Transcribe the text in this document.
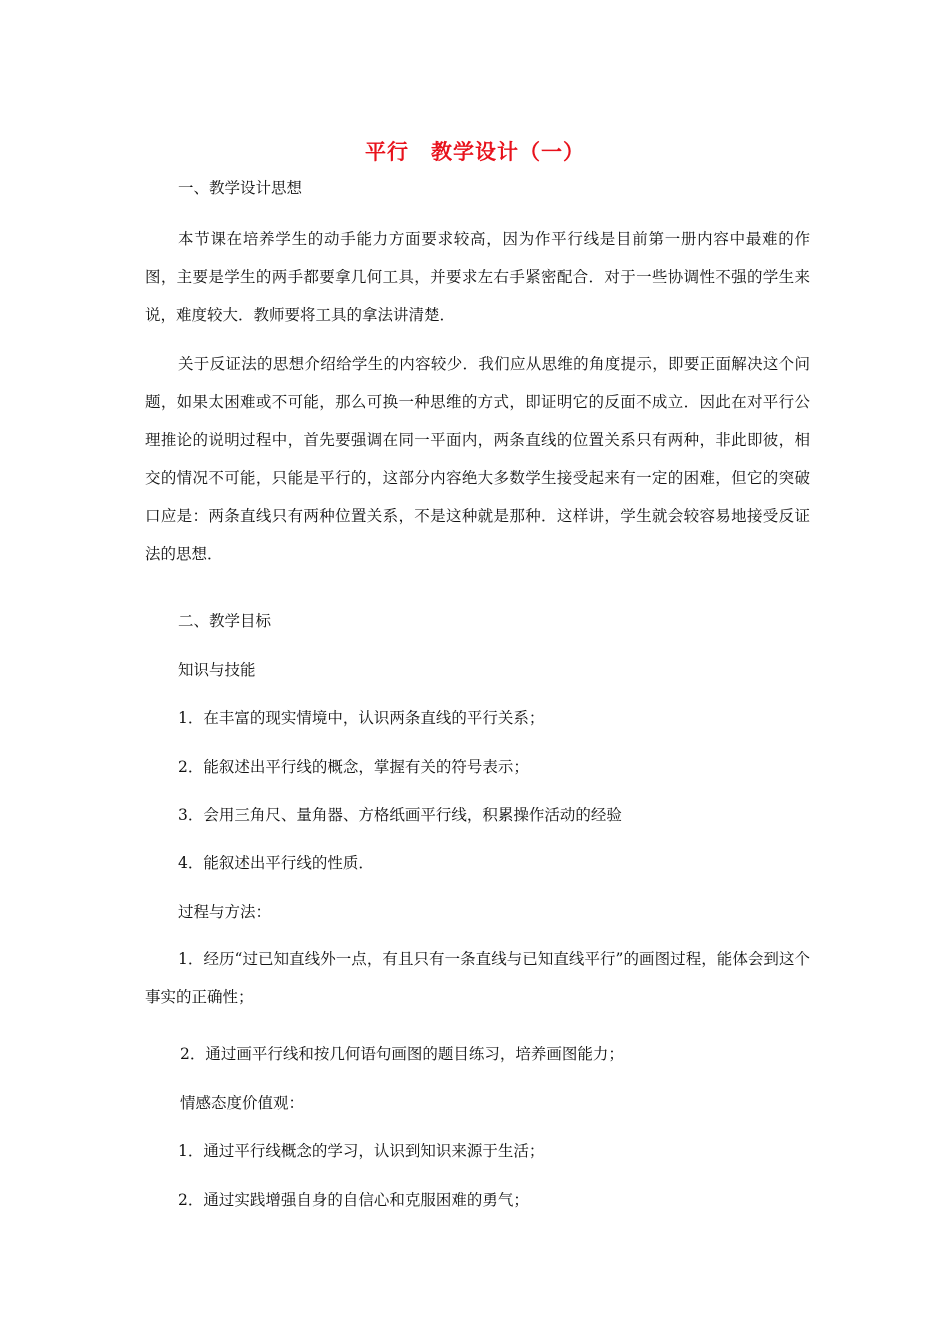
平行　教学设计（一）
一、教学设计思想
本节课在培养学生的动手能力方面要求较高，因为作平行线是目前第一册内容中最难的作图，主要是学生的两手都要拿几何工具，并要求左右手紧密配合．对于一些协调性不强的学生来说，难度较大．教师要将工具的拿法讲清楚．
关于反证法的思想介绍给学生的内容较少．我们应从思维的角度提示，即要正面解决这个问题，如果太困难或不可能，那么可换一种思维的方式，即证明它的反面不成立．因此在对平行公理推论的说明过程中，首先要强调在同一平面内，两条直线的位置关系只有两种，非此即彼，相交的情况不可能，只能是平行的，这部分内容绝大多数学生接受起来有一定的困难，但它的突破口应是：两条直线只有两种位置关系，不是这种就是那种．这样讲，学生就会较容易地接受反证法的思想．
二、教学目标
知识与技能
1．在丰富的现实情境中，认识两条直线的平行关系；
2．能叙述出平行线的概念，掌握有关的符号表示；
3．会用三角尺、量角器、方格纸画平行线，积累操作活动的经验
4．能叙述出平行线的性质．
过程与方法：
1．经历“过已知直线外一点，有且只有一条直线与已知直线平行”的画图过程，能体会到这个事实的正确性；
2．通过画平行线和按几何语句画图的题目练习，培养画图能力；
情感态度价值观：
1．通过平行线概念的学习，认识到知识来源于生活；
2．通过实践增强自身的自信心和克服困难的勇气；
